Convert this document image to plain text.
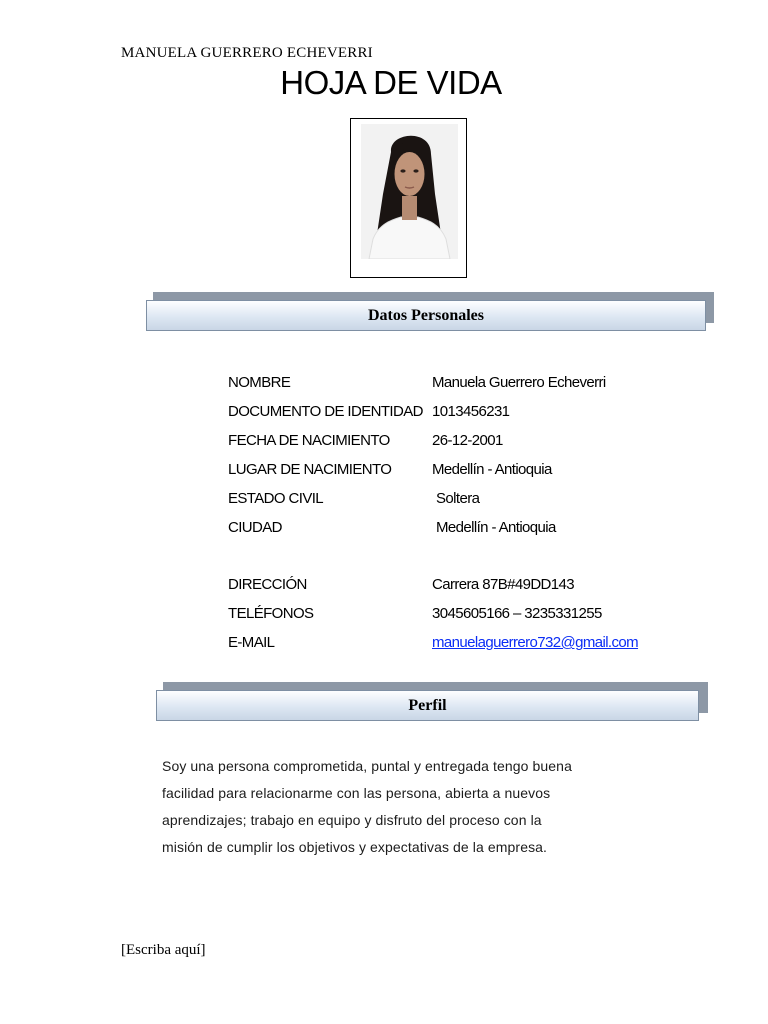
MANUELA GUERRERO ECHEVERRI
HOJA DE VIDA
Datos Personales
NOMBRE	Manuela Guerrero Echeverri
DOCUMENTO DE IDENTIDAD 1013456231
FECHA DE NACIMIENTO	26-12-2001
LUGAR DE NACIMIENTO	Medellín - Antioquia
ESTADO CIVIL	Soltera
CIUDAD	Medellín - Antioquia
DIRECCIÓN	Carrera 87B#49DD143
TELÉFONOS	3045605166 – 3235331255
E-MAIL	manuelaguerrero732@gmail.com
Perfil
Soy una persona comprometida, puntal y entregada tengo buena
facilidad para relacionarme con las persona, abierta a nuevos
aprendizajes; trabajo en equipo y disfruto del proceso con la
misión de cumplir los objetivos y expectativas de la empresa.
[Escriba aquí]
